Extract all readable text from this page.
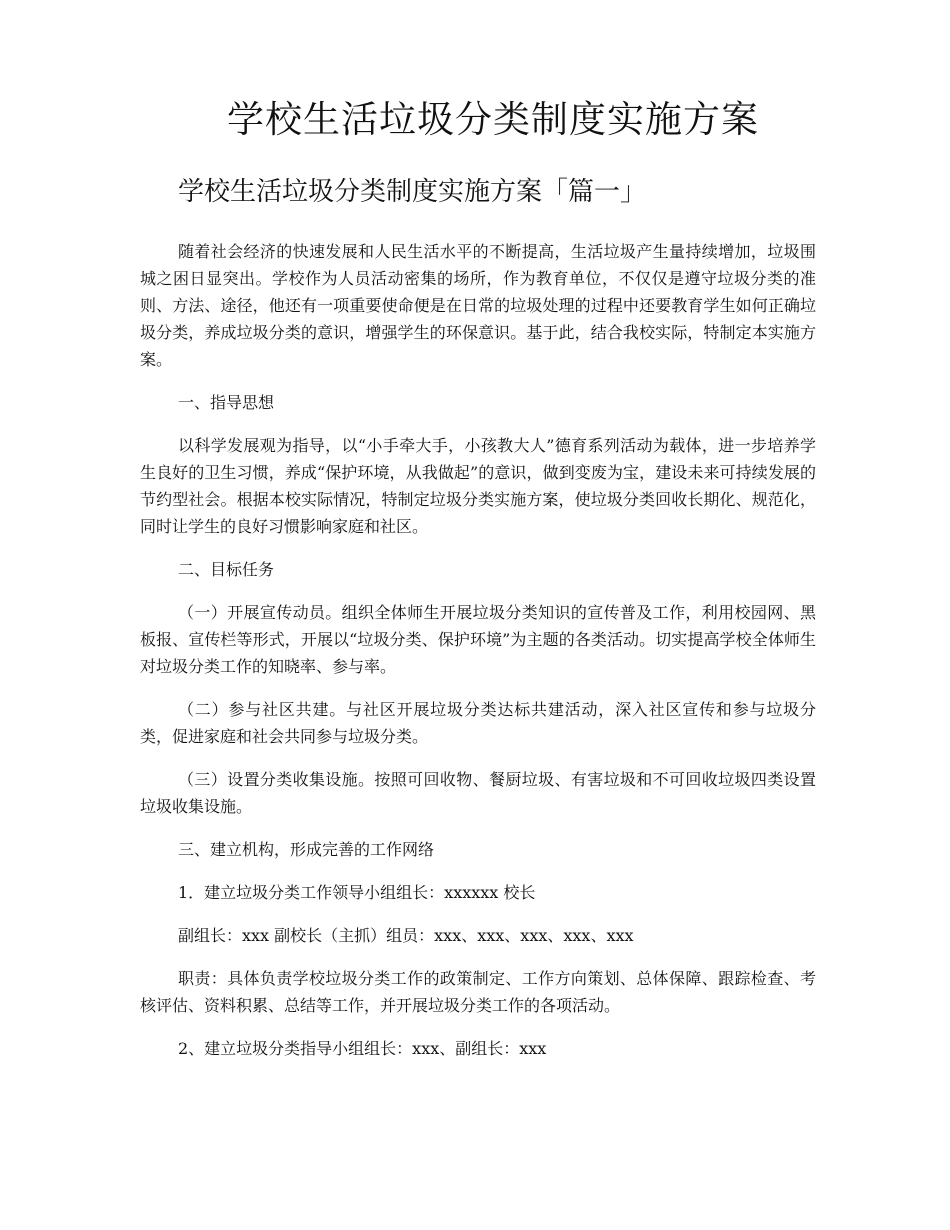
学校生活垃圾分类制度实施方案
学校生活垃圾分类制度实施方案「篇一」

随着社会经济的快速发展和人民生活水平的不断提高，生活垃圾产生量持续增加，垃圾围城之困日显突出。学校作为人员活动密集的场所，作为教育单位，不仅仅是遵守垃圾分类的准则、方法、途径，他还有一项重要使命便是在日常的垃圾处理的过程中还要教育学生如何正确垃圾分类，养成垃圾分类的意识，增强学生的环保意识。基于此，结合我校实际，特制定本实施方案。

一、指导思想

以科学发展观为指导，以“小手牵大手，小孩教大人”德育系列活动为载体，进一步培养学生良好的卫生习惯，养成“保护环境，从我做起”的意识，做到变废为宝，建设未来可持续发展的节约型社会。根据本校实际情况，特制定垃圾分类实施方案，使垃圾分类回收长期化、规范化，同时让学生的良好习惯影响家庭和社区。

二、目标任务

（一）开展宣传动员。组织全体师生开展垃圾分类知识的宣传普及工作，利用校园网、黑板报、宣传栏等形式，开展以“垃圾分类、保护环境”为主题的各类活动。切实提高学校全体师生对垃圾分类工作的知晓率、参与率。

（二）参与社区共建。与社区开展垃圾分类达标共建活动，深入社区宣传和参与垃圾分类，促进家庭和社会共同参与垃圾分类。

（三）设置分类收集设施。按照可回收物、餐厨垃圾、有害垃圾和不可回收垃圾四类设置垃圾收集设施。

三、建立机构，形成完善的工作网络

1．建立垃圾分类工作领导小组组长：xxxxxx 校长

副组长：xxx 副校长（主抓）组员：xxx、xxx、xxx、xxx、xxx

职责：具体负责学校垃圾分类工作的政策制定、工作方向策划、总体保障、跟踪检查、考核评估、资料积累、总结等工作，并开展垃圾分类工作的各项活动。

2、建立垃圾分类指导小组组长：xxx、副组长：xxx
